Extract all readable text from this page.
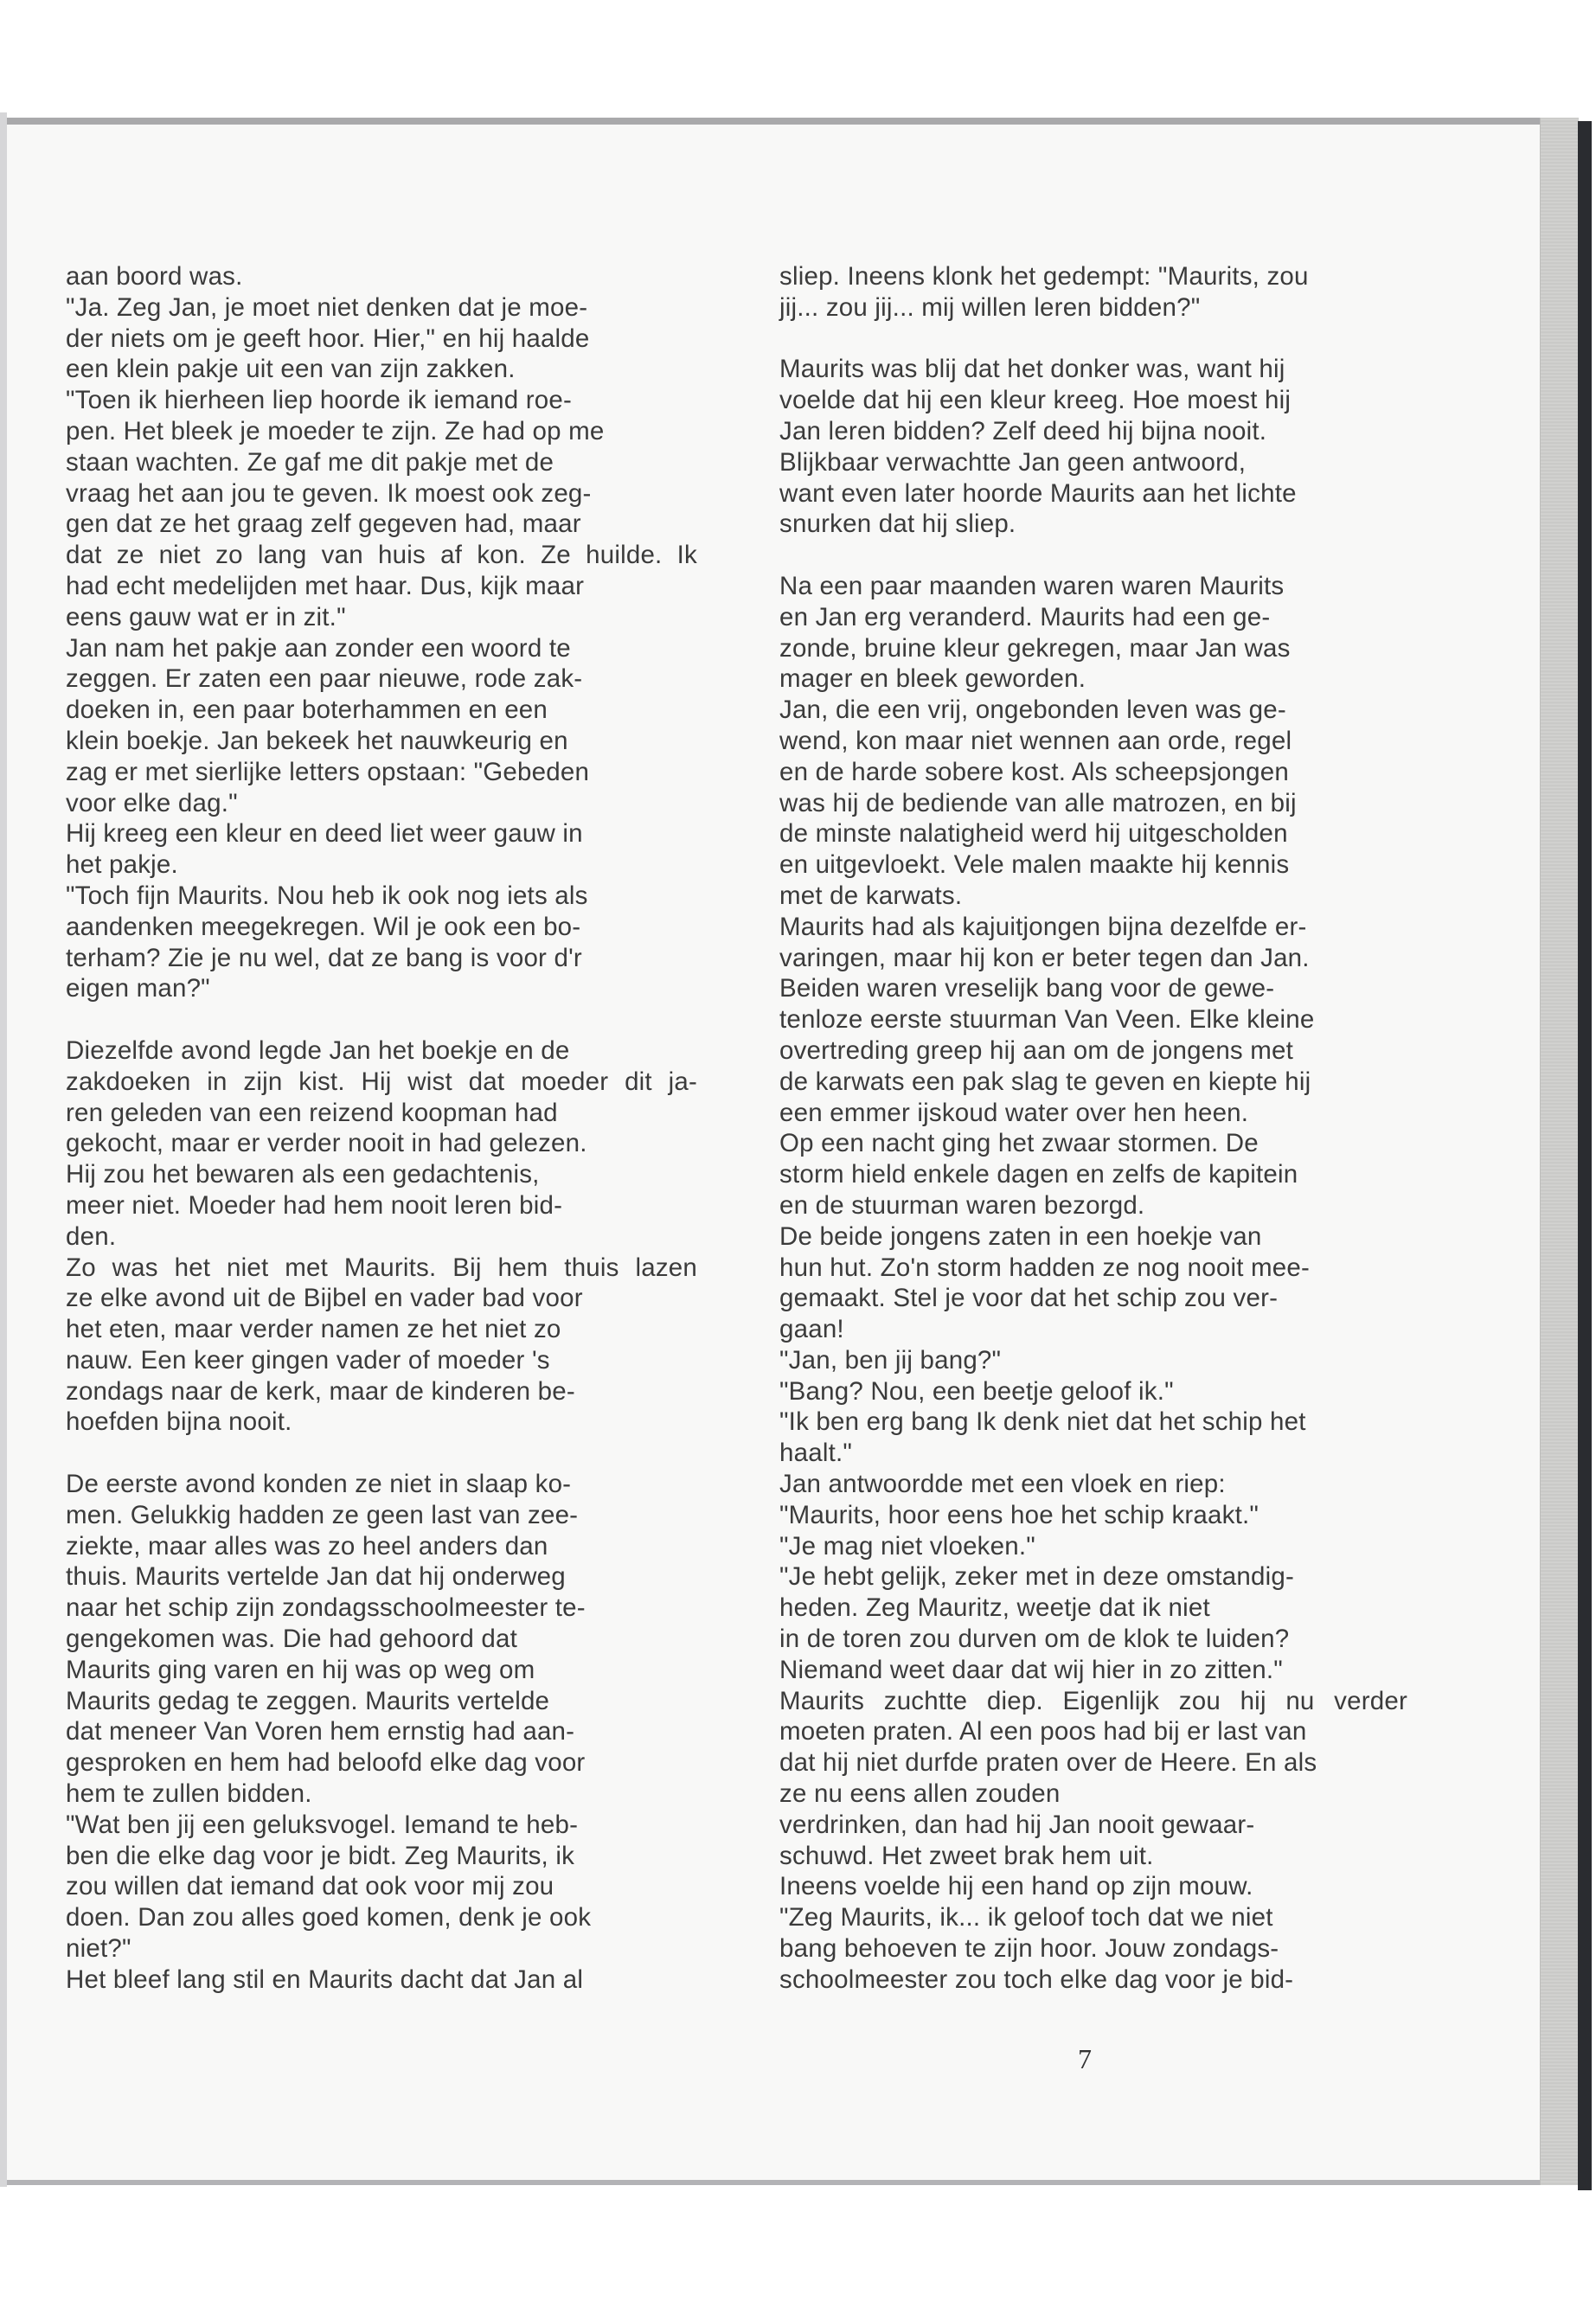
aan boord was.
"Ja. Zeg Jan, je moet niet denken dat je moe-
der niets om je geeft hoor. Hier," en hij haalde
een klein pakje uit een van zijn zakken.
"Toen ik hierheen liep hoorde ik iemand roe-
pen. Het bleek je moeder te zijn. Ze had op me
staan wachten. Ze gaf me dit pakje met de
vraag het aan jou te geven. Ik moest ook zeg-
gen dat ze het graag zelf gegeven had, maar
dat ze niet zo lang van huis af kon. Ze huilde. Ik
had echt medelijden met haar. Dus, kijk maar
eens gauw wat er in zit."
Jan nam het pakje aan zonder een woord te
zeggen. Er zaten een paar nieuwe, rode zak-
doeken in, een paar boterhammen en een
klein boekje. Jan bekeek het nauwkeurig en
zag er met sierlijke letters opstaan: "Gebeden
voor elke dag."
Hij kreeg een kleur en deed liet weer gauw in
het pakje.
"Toch fijn Maurits. Nou heb ik ook nog iets als
aandenken meegekregen. Wil je ook een bo-
terham? Zie je nu wel, dat ze bang is voor d'r
eigen man?"
Diezelfde avond legde Jan het boekje en de
zakdoeken in zijn kist. Hij wist dat moeder dit ja-
ren geleden van een reizend koopman had
gekocht, maar er verder nooit in had gelezen.
Hij zou het bewaren als een gedachtenis,
meer niet. Moeder had hem nooit leren bid-
den.
Zo was het niet met Maurits. Bij hem thuis lazen
ze elke avond uit de Bijbel en vader bad voor
het eten, maar verder namen ze het niet zo
nauw. Een keer gingen vader of moeder 's
zondags naar de kerk, maar de kinderen be-
hoefden bijna nooit.
De eerste avond konden ze niet in slaap ko-
men. Gelukkig hadden ze geen last van zee-
ziekte, maar alles was zo heel anders dan
thuis. Maurits vertelde Jan dat hij onderweg
naar het schip zijn zondagsschoolmeester te-
gengekomen was. Die had gehoord dat
Maurits ging varen en hij was op weg om
Maurits gedag te zeggen. Maurits vertelde
dat meneer Van Voren hem ernstig had aan-
gesproken en hem had beloofd elke dag voor
hem te zullen bidden.
"Wat ben jij een geluksvogel. Iemand te heb-
ben die elke dag voor je bidt. Zeg Maurits, ik
zou willen dat iemand dat ook voor mij zou
doen. Dan zou alles goed komen, denk je ook
niet?"
Het bleef lang stil en Maurits dacht dat Jan al
sliep. Ineens klonk het gedempt: "Maurits, zou
jij... zou jij... mij willen leren bidden?"
Maurits was blij dat het donker was, want hij
voelde dat hij een kleur kreeg. Hoe moest hij
Jan leren bidden? Zelf deed hij bijna nooit.
Blijkbaar verwachtte Jan geen antwoord,
want even later hoorde Maurits aan het lichte
snurken dat hij sliep.
Na een paar maanden waren waren Maurits
en Jan erg veranderd. Maurits had een ge-
zonde, bruine kleur gekregen, maar Jan was
mager en bleek geworden.
Jan, die een vrij, ongebonden leven was ge-
wend, kon maar niet wennen aan orde, regel
en de harde sobere kost. Als scheepsjongen
was hij de bediende van alle matrozen, en bij
de minste nalatigheid werd hij uitgescholden
en uitgevloekt. Vele malen maakte hij kennis
met de karwats.
Maurits had als kajuitjongen bijna dezelfde er-
varingen, maar hij kon er beter tegen dan Jan.
Beiden waren vreselijk bang voor de gewe-
tenloze eerste stuurman Van Veen. Elke kleine
overtreding greep hij aan om de jongens met
de karwats een pak slag te geven en kiepte hij
een emmer ijskoud water over hen heen.
Op een nacht ging het zwaar stormen. De
storm hield enkele dagen en zelfs de kapitein
en de stuurman waren bezorgd.
De beide jongens zaten in een hoekje van
hun hut. Zo'n storm hadden ze nog nooit mee-
gemaakt. Stel je voor dat het schip zou ver-
gaan!
"Jan, ben jij bang?"
"Bang? Nou, een beetje geloof ik."
"Ik ben erg bang Ik denk niet dat het schip het
haalt."
Jan antwoordde met een vloek en riep:
"Maurits, hoor eens hoe het schip kraakt."
"Je mag niet vloeken."
"Je hebt gelijk, zeker met in deze omstandig-
heden. Zeg Mauritz, weetje dat ik niet
in de toren zou durven om de klok te luiden?
Niemand weet daar dat wij hier in zo zitten."
Maurits zuchtte diep. Eigenlijk zou hij nu verder
moeten praten. Al een poos had bij er last van
dat hij niet durfde praten over de Heere. En als
ze nu eens allen zouden
verdrinken, dan had hij Jan nooit gewaar-
schuwd. Het zweet brak hem uit.
Ineens voelde hij een hand op zijn mouw.
"Zeg Maurits, ik... ik geloof toch dat we niet
bang behoeven te zijn hoor. Jouw zondags-
schoolmeester zou toch elke dag voor je bid-
7
